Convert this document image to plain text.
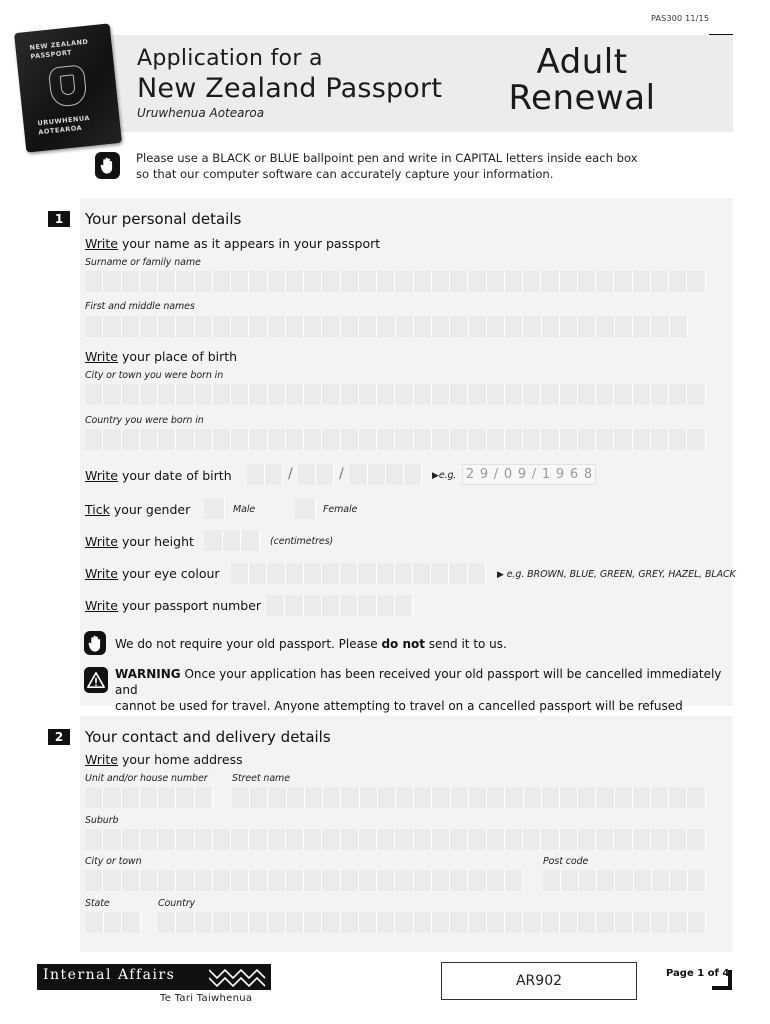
PAS300 11/15
NEW ZEALAND
PASSPORT
URUWHENUA
AOTEAROA
Application for a
New Zealand Passport
Uruwhenua Aotearoa
Adult
Renewal
Please use a BLACK or BLUE ballpoint pen and write in CAPITAL letters inside each box
so that our computer software can accurately capture your information.
1	Your personal details
Write your name as it appears in your passport
Surname or family name
First and middle names
Write your place of birth
City or town you were born in
Country you were born in
Write your date of birth	/	/	▶e.g. 2 9 / 0 9 / 1 9 6 8
Tick your gender	Male	Female
Write your height	(centimetres)
Write your eye colour	▶ e.g. BROWN, BLUE, GREEN, GREY, HAZEL, BLACK
Write your passport number
We do not require your old passport. Please do not send it to us.
WARNING Once your application has been received your old passport will be cancelled immediately and
cannot be used for travel. Anyone attempting to travel on a cancelled passport will be refused
2	Your contact and delivery details
Write your home address
Unit and/or house number	Street name
Suburb
City or town	Post code
State	Country
Internal Affairs
Te Tari Taiwhenua
AR902	Page 1 of 4
